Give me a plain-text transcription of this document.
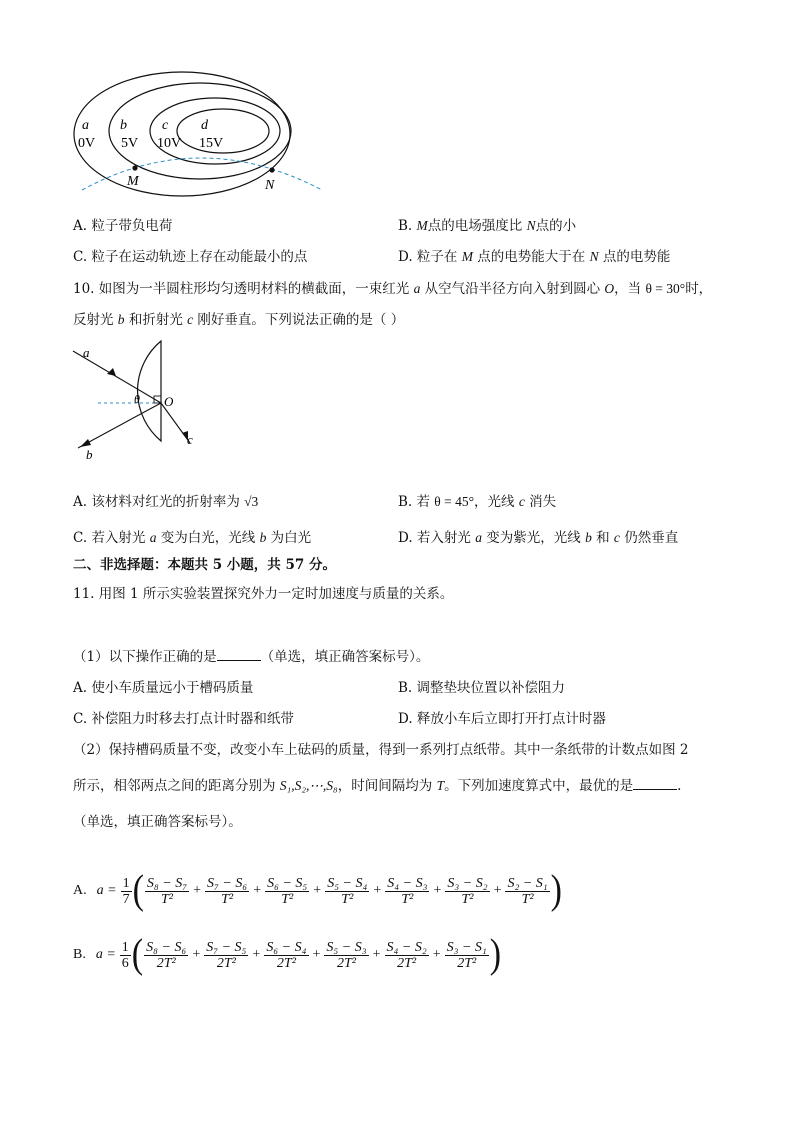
a
0V
b
5V
c
10V
d
15V
M	N
A. 粒子带负电荷	B. M点的电场强度比 N点的小
C. 粒子在运动轨迹上存在动能最小的点	D. 粒子在 M 点的电势能大于在 N 点的电势能
10. 如图为一半圆柱形均匀透明材料的横截面，一束红光 a 从空气沿半径方向入射到圆心 O，当 θ = 30°时，
反射光 b 和折射光 c 刚好垂直。下列说法正确的是（ ）
a
θ O
c
b
A. 该材料对红光的折射率为 √3	B. 若 θ = 45°，光线 c 消失
C. 若入射光 a 变为白光，光线 b 为白光	D. 若入射光 a 变为紫光，光线 b 和 c 仍然垂直
二、非选择题：本题共 5 小题，共 57 分。
11. 用图 1 所示实验装置探究外力一定时加速度与质量的关系。
（1）以下操作正确的是	（单选，填正确答案标号）。
A. 使小车质量远小于槽码质量	B. 调整垫块位置以补偿阻力
C. 补偿阻力时移去打点计时器和纸带	D. 释放小车后立即打开打点计时器
（2）保持槽码质量不变，改变小车上砝码的质量，得到一系列打点纸带。其中一条纸带的计数点如图 2
所示，相邻两点之间的距离分别为 S₁,S₂,⋯,S₈，时间间隔均为 T。下列加速度算式中，最优的是	.
（单选，填正确答案标号）。
A. $a = \frac{1}{7}$ ( $\frac{\text{S₈ − S₇}}{\text{T²}} + \frac{\text{S₇ − S₆}}{\text{T²}} + \frac{\text{S₆ − S₅}}{\text{T²}} + \frac{\text{S₅ − S₄}}{\text{T²}} + \frac{\text{S₄ − S₃}}{\text{T²}} + \frac{\text{S₃ − S₂}}{\text{T²}} + \frac{\text{S₂ − S₁}}{\text{T²}}$ )
B. $a = \frac{1}{6}$ ( $\frac{\text{S₈ − S₆}}{\text{2T²}} + \frac{\text{S₇ − S₅}}{\text{2T²}} + \frac{\text{S₆ − S₄}}{\text{2T²}} + \frac{\text{S₅ − S₃}}{\text{2T²}} + \frac{\text{S₄ − S₂}}{\text{2T²}} + \frac{\text{S₃ − S₁}}{\text{2T²}}$ )
